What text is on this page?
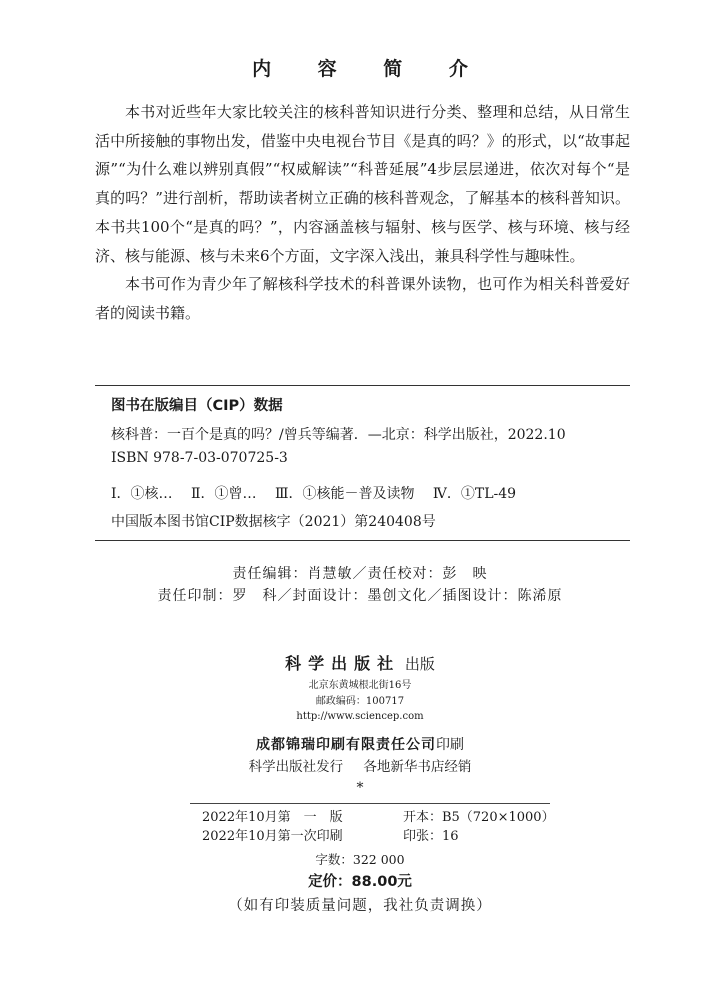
内 容 简 介

本书对近些年大家比较关注的核科普知识进行分类、整理和总结，从日常生活中所接触的事物出发，借鉴中央电视台节目《是真的吗？》的形式，以“故事起源”“为什么难以辨别真假”“权威解读”“科普延展”4步层层递进，依次对每个“是真的吗？”进行剖析，帮助读者树立正确的核科普观念，了解基本的核科普知识。本书共100个“是真的吗？”，内容涵盖核与辐射、核与医学、核与环境、核与经济、核与能源、核与未来6个方面，文字深入浅出，兼具科学性与趣味性。

本书可作为青少年了解核科学技术的科普课外读物，也可作为相关科普爱好者的阅读书籍。

图书在版编目（CIP）数据
核科普：一百个是真的吗？/曾兵等编著．—北京：科学出版社，2022.10
ISBN 978-7-03-070725-3
Ⅰ．①核… Ⅱ．①曾… Ⅲ．①核能－普及读物 Ⅳ．①TL-49
中国版本图书馆CIP数据核字（2021）第240408号
责任编辑：肖慧敏／责任校对：彭　映
责任印制：罗　科／封面设计：墨创文化／插图设计：陈浠原
科学出版社 出版
北京东黄城根北街16号
邮政编码：100717
http://www.sciencep.com
成都锦瑞印刷有限责任公司印刷
科学出版社发行 各地新华书店经销
*
2022年10月第　一　版	开本：B5（720×1000）
2022年10月第一次印刷	印张：16
字数：322 000
定价：88.00元
（如有印装质量问题，我社负责调换）
